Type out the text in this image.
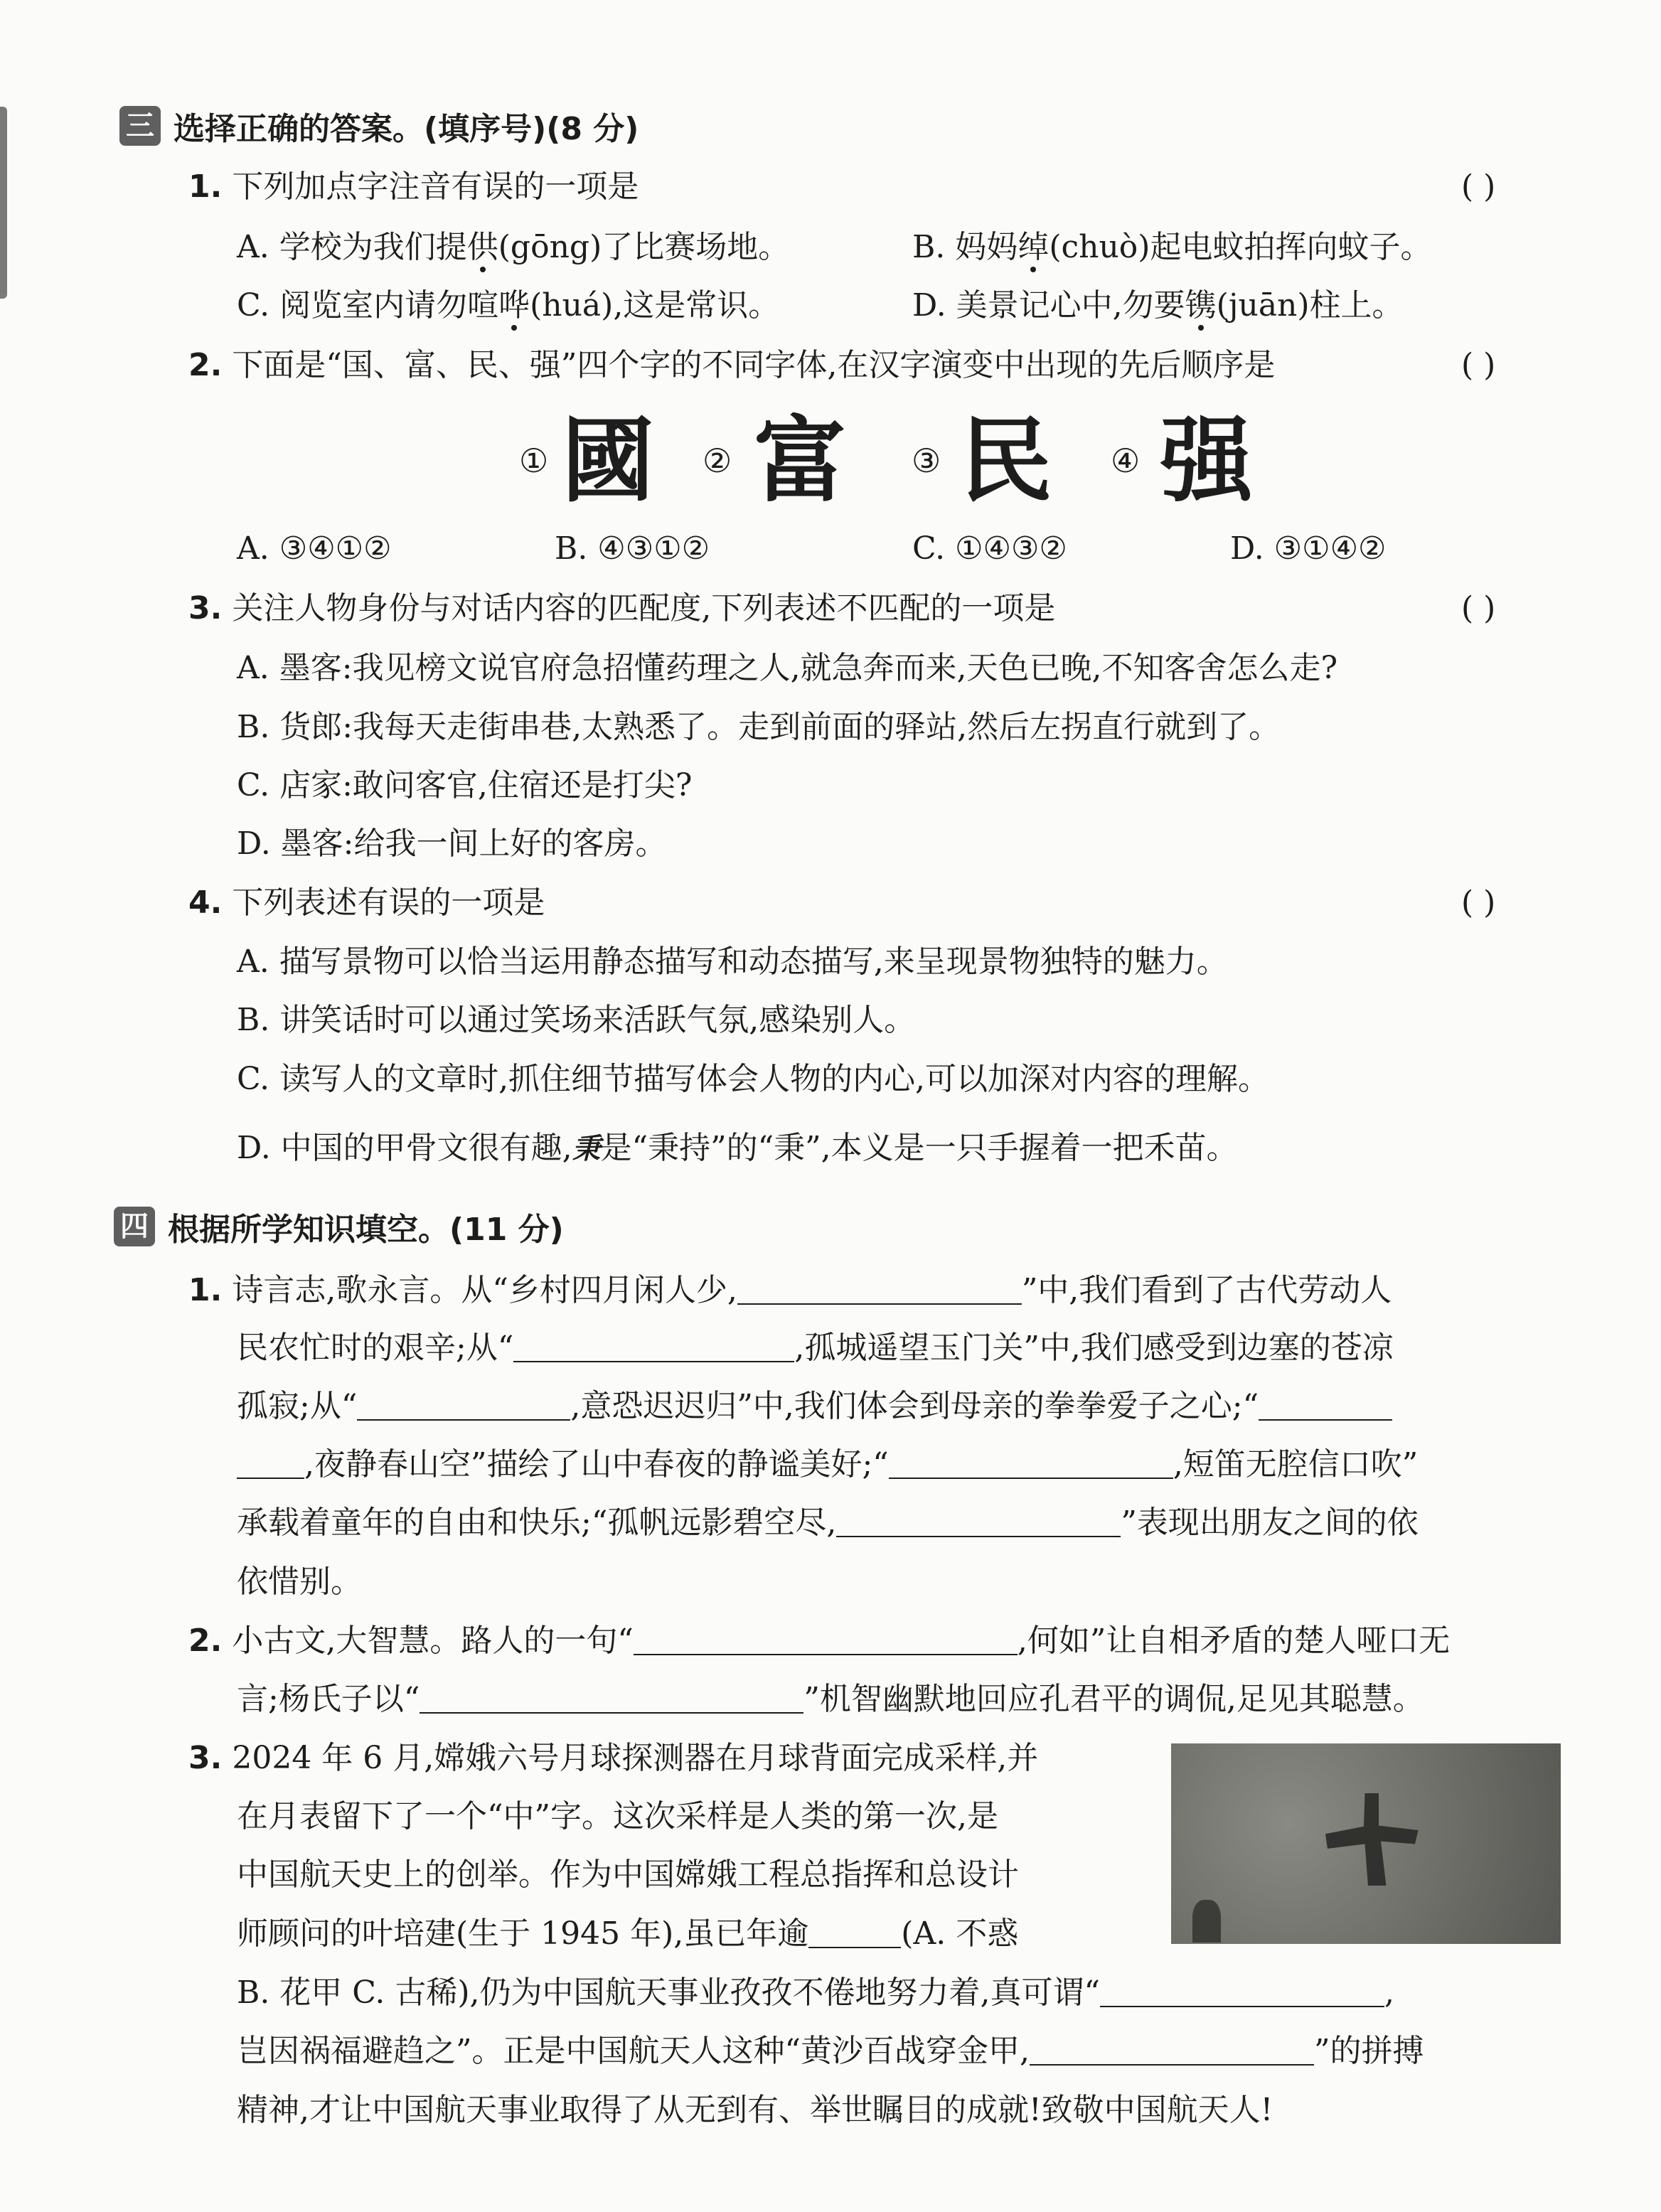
三 选择正确的答案。(填序号)(8 分)
1. 下列加点字注音有误的一项是	( )
A. 学校为我们提供(gōng)了比赛场地。	B. 妈妈绰(chuò)起电蚊拍挥向蚊子。
C. 阅览室内请勿喧哗(huá),这是常识。	D. 美景记心中,勿要镌(juān)柱上。
2. 下面是“国、富、民、强”四个字的不同字体,在汉字演变中出现的先后顺序是	( )
① 國 ② 富 ③ 民 ④ 强
A. ③④①②	B. ④③①②	C. ①④③②	D. ③①④②
3. 关注人物身份与对话内容的匹配度,下列表述不匹配的一项是	( )
A. 墨客:我见榜文说官府急招懂药理之人,就急奔而来,天色已晚,不知客舍怎么走?
B. 货郎:我每天走街串巷,太熟悉了。走到前面的驿站,然后左拐直行就到了。
C. 店家:敢问客官,住宿还是打尖?
D. 墨客:给我一间上好的客房。
4. 下列表述有误的一项是	( )
A. 描写景物可以恰当运用静态描写和动态描写,来呈现景物独特的魅力。
B. 讲笑话时可以通过笑场来活跃气氛,感染别人。
C. 读写人的文章时,抓住细节描写体会人物的内心,可以加深对内容的理解。
D. 中国的甲骨文很有趣,秉是“秉持”的“秉”,本义是一只手握着一把禾苗。
四 根据所学知识填空。(11 分)
1. 诗言志,歌永言。从“乡村四月闲人少,	”中,我们看到了古代劳动人
民农忙时的艰辛;从“	,孤城遥望玉门关”中,我们感受到边塞的苍凉
孤寂;从“	,意恐迟迟归”中,我们体会到母亲的拳拳爱子之心;“
,夜静春山空”描绘了山中春夜的静谧美好;“	,短笛无腔信口吹”
承载着童年的自由和快乐;“孤帆远影碧空尽,	”表现出朋友之间的依
依惜别。
2. 小古文,大智慧。路人的一句“	,何如”让自相矛盾的楚人哑口无
言;杨氏子以“	”机智幽默地回应孔君平的调侃,足见其聪慧。
3. 2024 年 6 月,嫦娥六号月球探测器在月球背面完成采样,并
在月表留下了一个“中”字。这次采样是人类的第一次,是
中国航天史上的创举。作为中国嫦娥工程总指挥和总设计
师顾问的叶培建(生于 1945 年),虽已年逾	(A. 不惑
B. 花甲 C. 古稀),仍为中国航天事业孜孜不倦地努力着,真可谓“	,
岂因祸福避趋之”。正是中国航天人这种“黄沙百战穿金甲,	”的拼搏
精神,才让中国航天事业取得了从无到有、举世瞩目的成就!致敬中国航天人!
